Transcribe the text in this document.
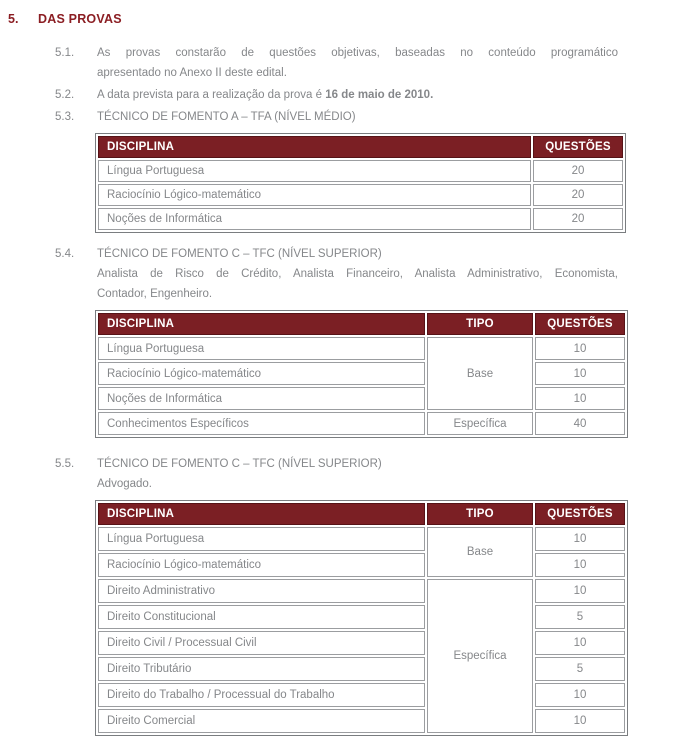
5. DAS PROVAS
5.1. As provas constarão de questões objetivas, baseadas no conteúdo programático
apresentado no Anexo II deste edital.
5.2. A data prevista para a realização da prova é 16 de maio de 2010.
5.3. TÉCNICO DE FOMENTO A – TFA (NÍVEL MÉDIO)
DISCIPLINA	QUESTÕES
Língua Portuguesa	20
Raciocínio Lógico-matemático	20
Noções de Informática	20
5.4. TÉCNICO DE FOMENTO C – TFC (NÍVEL SUPERIOR)
Analista de Risco de Crédito, Analista Financeiro, Analista Administrativo, Economista,
Contador, Engenheiro.
DISCIPLINA	TIPO	QUESTÕES
Língua Portuguesa	Base	10
Raciocínio Lógico-matemático		10
Noções de Informática		10
Conhecimentos Específicos	Específica	40
5.5. TÉCNICO DE FOMENTO C – TFC (NÍVEL SUPERIOR)
Advogado.
DISCIPLINA	TIPO	QUESTÕES
Língua Portuguesa	Base	10
Raciocínio Lógico-matemático		10
Direito Administrativo	Específica	10
Direito Constitucional		5
Direito Civil / Processual Civil		10
Direito Tributário		5
Direito do Trabalho / Processual do Trabalho		10
Direito Comercial		10
